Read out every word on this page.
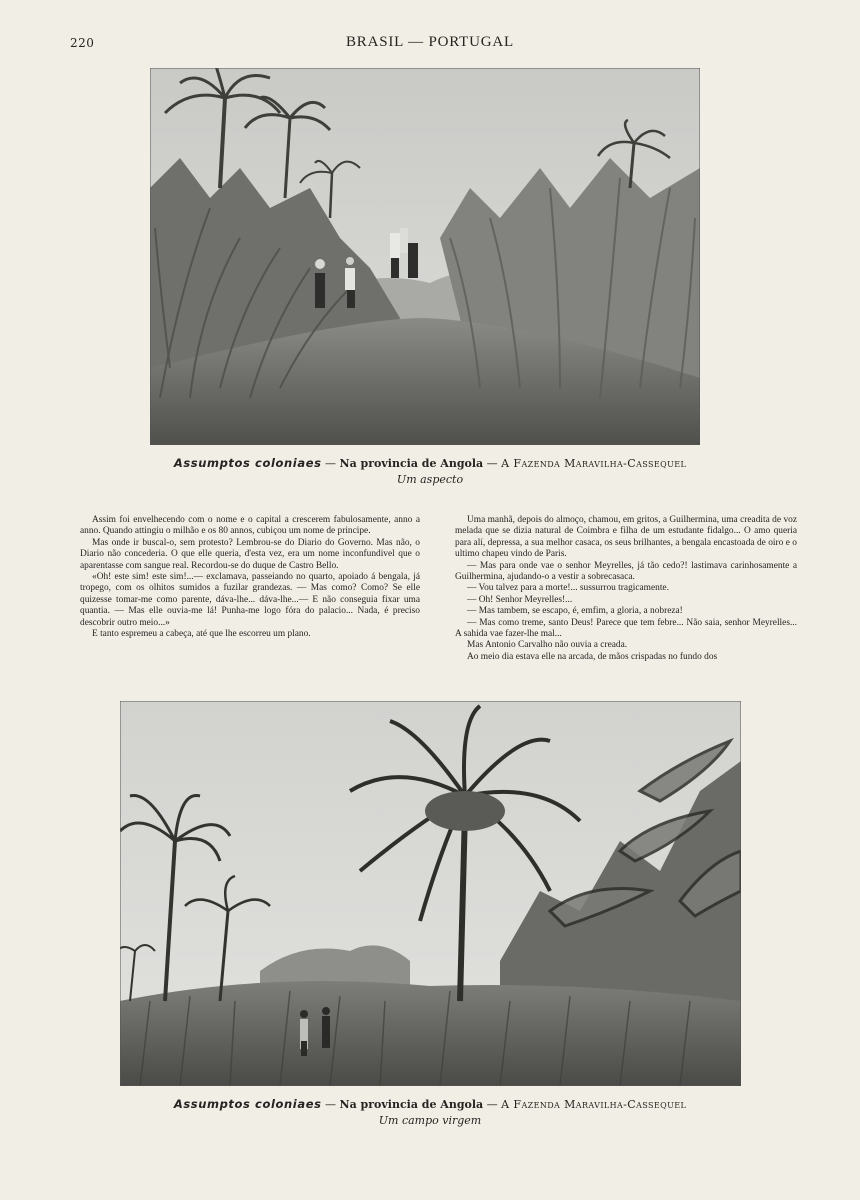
220	BRASIL — PORTUGAL
Assumptos coloniaes — Na provincia de Angola — A Fazenda Maravilha-Cassequel
Um aspecto

Assim foi envelhecendo com o nome e o capital a crescerem fabulosamente, anno a anno. Quando attingiu o milhão e os 80 annos, cubiçou um nome de principe.

Mas onde ir buscal-o, sem protesto? Lembrou-se do Diario do Governo. Mas não, o Diario não concederia. O que elle queria, d'esta vez, era um nome inconfundivel que o aparentasse com sangue real. Recordou-se do duque de Castro Bello.

«Oh! este sim! este sim!...— exclamava, passeiando no quarto, apoiado á bengala, já tropego, com os olhitos sumidos a fuzilar grandezas. — Mas como? Como? Se elle quizesse tomar-me como parente, dáva-lhe... dáva-lhe...— E não conseguia fixar uma quantia. — Mas elle ouvia-me lá! Punha-me logo fóra do palacio... Nada, é preciso descobrir outro meio...»

E tanto espremeu a cabeça, até que lhe escorreu um plano.

Uma manhã, depois do almoço, chamou, em gritos, a Guilhermina, uma creadita de voz melada que se dizia natural de Coimbra e filha de um estudante fidalgo... O amo queria para alí, depressa, a sua melhor casaca, os seus brilhantes, a bengala encastoada de oiro e o ultimo chapeu vindo de Paris.

— Mas para onde vae o senhor Meyrelles, já tão cedo?! lastimava carinhosamente a Guilhermina, ajudando-o a vestir a sobrecasaca.

— Vou talvez para a morte!... sussurrou tragicamente.

— Oh! Senhor Meyrelles!...

— Mas tambem, se escapo, é, emfim, a gloria, a nobreza!

— Mas como treme, santo Deus! Parece que tem febre... Não saia, senhor Meyrelles... A sahida vae fazer-lhe mal...

Mas Antonio Carvalho não ouvia a creada.

Ao meio dia estava elle na arcada, de mãos crispadas no fundo dos

Assumptos coloniaes — Na provincia de Angola — A Fazenda Maravilha-Cassequel
Um campo virgem
